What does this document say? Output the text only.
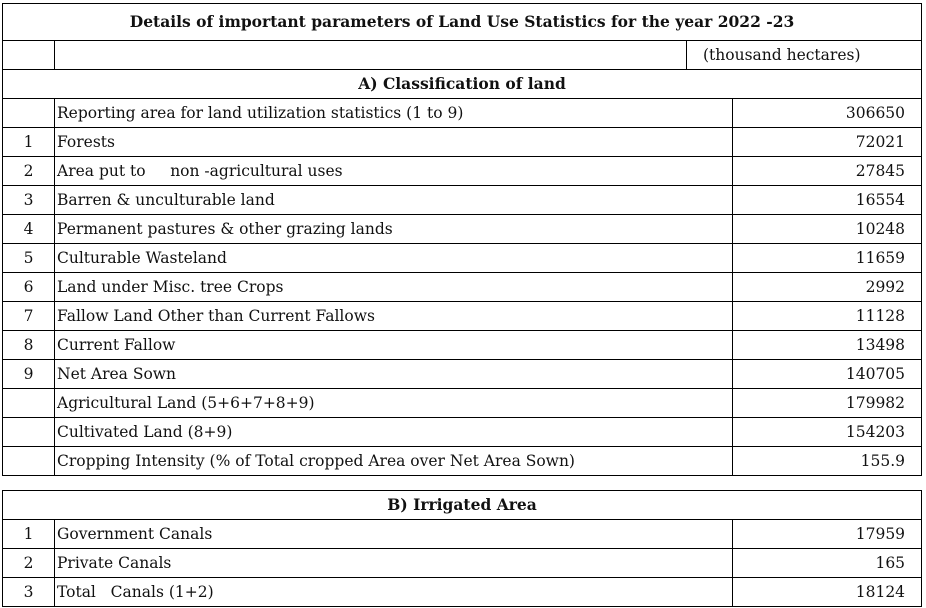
Details of important parameters of Land Use Statistics for the year 2022 -23			
		(thousand hectares)	
A) Classification of land			
	Reporting area for land utilization statistics (1 to 9)		306650
1	Forests		72021
2	Area put to     non -agricultural uses		27845
3	Barren & unculturable land		16554
4	Permanent pastures & other grazing lands		10248
5	Culturable Wasteland		11659
6	Land under Misc. tree Crops		2992
7	Fallow Land Other than Current Fallows		11128
8	Current Fallow		13498
9	Net Area Sown		140705
	Agricultural Land (5+6+7+8+9)		179982
	Cultivated Land (8+9)		154203
	Cropping Intensity (% of Total cropped Area over Net Area Sown)		155.9
B) Irrigated Area		
1	Government Canals	17959
2	Private Canals	165
3	Total   Canals (1+2)	18124
